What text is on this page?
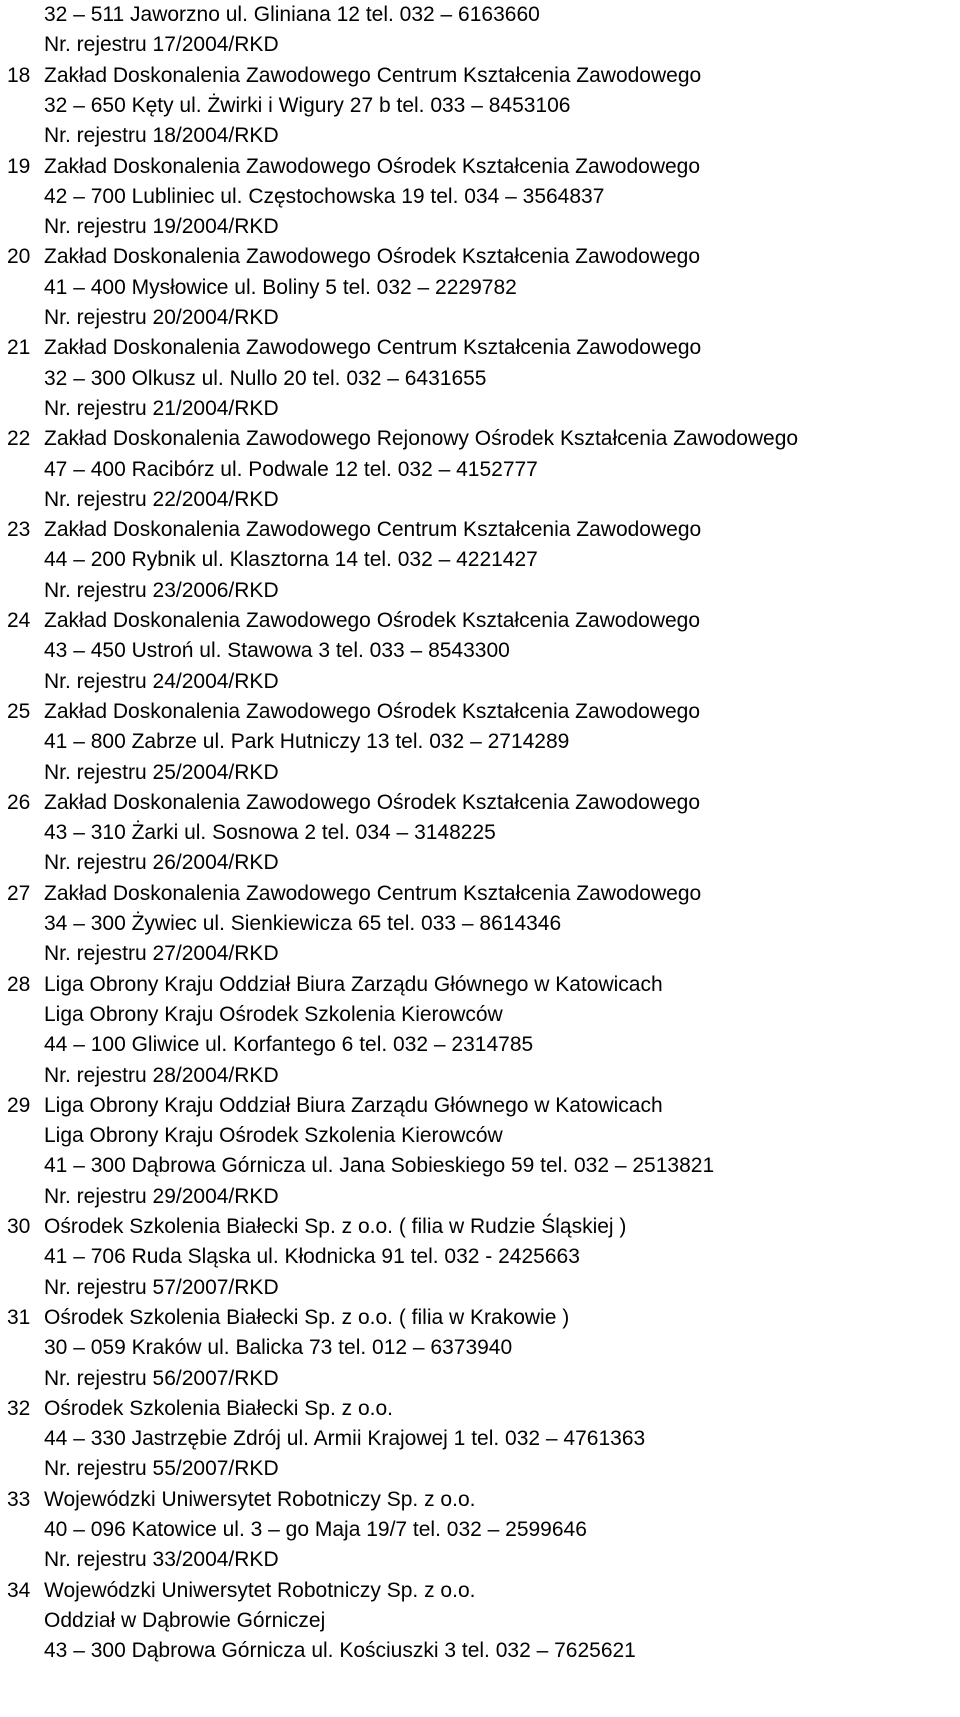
32 – 511 Jaworzno ul. Gliniana 12 tel. 032 – 6163660
Nr. rejestru 17/2004/RKD
18 Zakład Doskonalenia Zawodowego Centrum Kształcenia Zawodowego
32 – 650 Kęty ul. Żwirki i Wigury 27 b tel. 033 – 8453106
Nr. rejestru 18/2004/RKD
19 Zakład Doskonalenia Zawodowego Ośrodek Kształcenia Zawodowego
42 – 700 Lubliniec ul. Częstochowska 19 tel. 034 – 3564837
Nr. rejestru 19/2004/RKD
20 Zakład Doskonalenia Zawodowego Ośrodek Kształcenia Zawodowego
41 – 400 Mysłowice ul. Boliny 5 tel. 032 – 2229782
Nr. rejestru 20/2004/RKD
21 Zakład Doskonalenia Zawodowego Centrum Kształcenia Zawodowego
32 – 300 Olkusz ul. Nullo 20 tel. 032 – 6431655
Nr. rejestru 21/2004/RKD
22 Zakład Doskonalenia Zawodowego Rejonowy Ośrodek Kształcenia Zawodowego
47 – 400 Racibórz ul. Podwale 12 tel. 032 – 4152777
Nr. rejestru 22/2004/RKD
23 Zakład Doskonalenia Zawodowego Centrum Kształcenia Zawodowego
44 – 200 Rybnik ul. Klasztorna 14 tel. 032 – 4221427
Nr. rejestru 23/2006/RKD
24 Zakład Doskonalenia Zawodowego Ośrodek Kształcenia Zawodowego
43 – 450 Ustroń ul. Stawowa 3 tel. 033 – 8543300
Nr. rejestru 24/2004/RKD
25 Zakład Doskonalenia Zawodowego Ośrodek Kształcenia Zawodowego
41 – 800 Zabrze ul. Park Hutniczy 13 tel. 032 – 2714289
Nr. rejestru 25/2004/RKD
26 Zakład Doskonalenia Zawodowego Ośrodek Kształcenia Zawodowego
43 – 310 Żarki ul. Sosnowa 2 tel. 034 – 3148225
Nr. rejestru 26/2004/RKD
27 Zakład Doskonalenia Zawodowego Centrum Kształcenia Zawodowego
34 – 300 Żywiec ul. Sienkiewicza 65 tel. 033 – 8614346
Nr. rejestru 27/2004/RKD
28 Liga Obrony Kraju Oddział Biura Zarządu Głównego w Katowicach
Liga Obrony Kraju Ośrodek Szkolenia Kierowców
44 – 100 Gliwice ul. Korfantego 6 tel. 032 – 2314785
Nr. rejestru 28/2004/RKD
29 Liga Obrony Kraju Oddział Biura Zarządu Głównego w Katowicach
Liga Obrony Kraju Ośrodek Szkolenia Kierowców
41 – 300 Dąbrowa Górnicza ul. Jana Sobieskiego 59 tel. 032 – 2513821
Nr. rejestru 29/2004/RKD
30 Ośrodek Szkolenia Białecki Sp. z o.o. ( filia w Rudzie Śląskiej )
41 – 706 Ruda Sląska ul. Kłodnicka 91 tel. 032 - 2425663
Nr. rejestru 57/2007/RKD
31 Ośrodek Szkolenia Białecki Sp. z o.o. ( filia w Krakowie )
30 – 059 Kraków ul. Balicka 73 tel. 012 – 6373940
Nr. rejestru 56/2007/RKD
32 Ośrodek Szkolenia Białecki Sp. z o.o.
44 – 330 Jastrzębie Zdrój ul. Armii Krajowej 1 tel. 032 – 4761363
Nr. rejestru 55/2007/RKD
33 Wojewódzki Uniwersytet Robotniczy Sp. z o.o.
40 – 096 Katowice ul. 3 – go Maja 19/7 tel. 032 – 2599646
Nr. rejestru 33/2004/RKD
34 Wojewódzki Uniwersytet Robotniczy Sp. z o.o.
Oddział w Dąbrowie Górniczej
43 – 300 Dąbrowa Górnicza ul. Kościuszki 3 tel. 032 – 7625621
